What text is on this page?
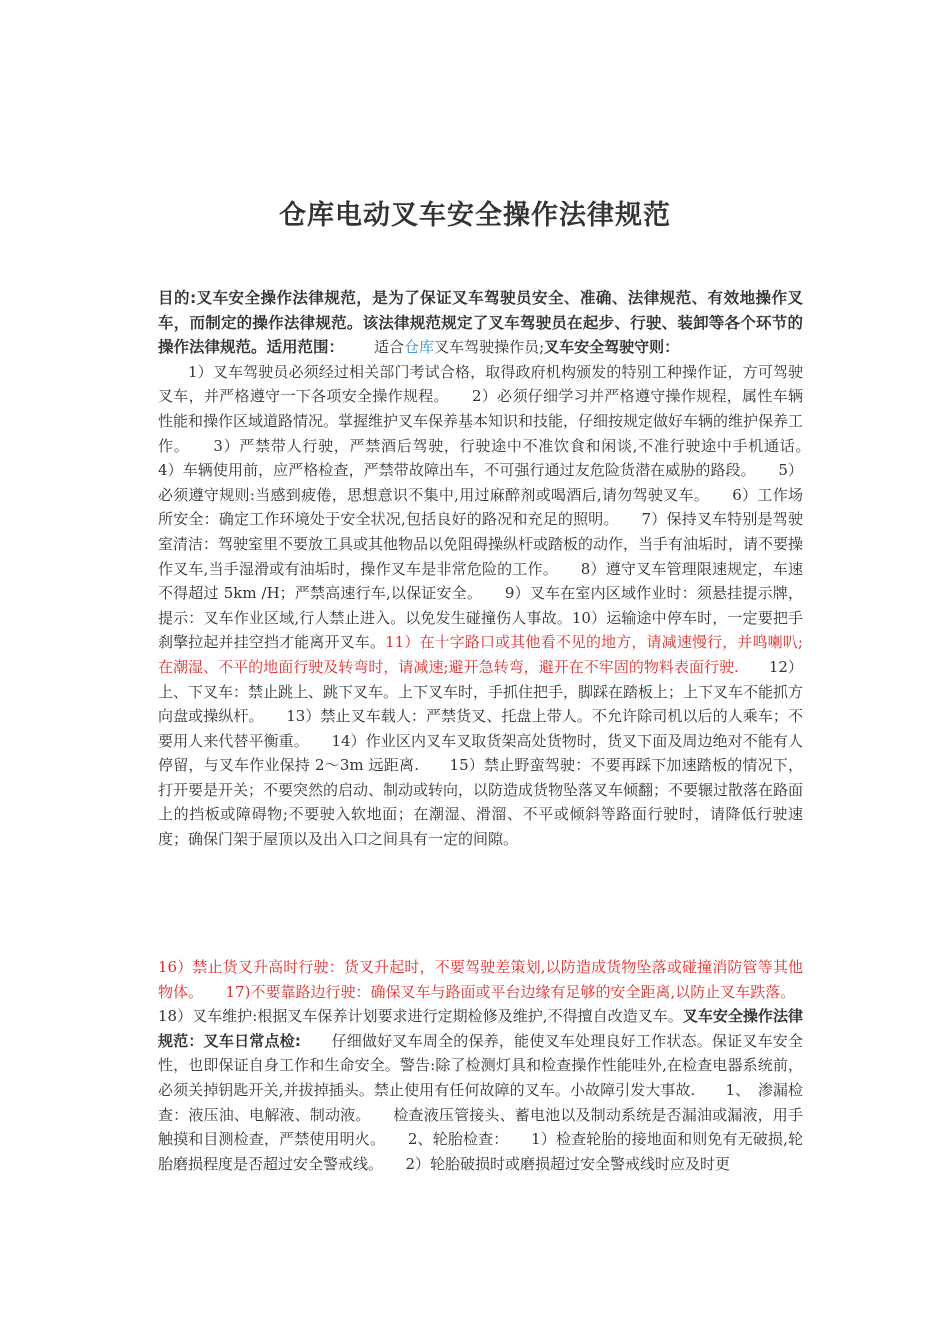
仓库电动叉车安全操作法律规范

目的:叉车安全操作法律规范，是为了保证叉车驾驶员安全、准确、法律规范、有效地操作叉车，而制定的操作法律规范。该法律规范规定了叉车驾驶员在起步、行驶、装卸等各个环节的操作法律规范。适用范围： 适合仓库叉车驾驶操作员;叉车安全驾驶守则：
1）叉车驾驶员必须经过相关部门考试合格，取得政府机构颁发的特别工种操作证，方可驾驶叉车，并严格遵守一下各项安全操作规程。　　2）必须仔细学习并严格遵守操作规程，属性车辆性能和操作区域道路情况。掌握维护叉车保养基本知识和技能，仔细按规定做好车辆的维护保养工作。　　3）严禁带人行驶，严禁酒后驾驶，行驶途中不准饮食和闲谈,不准行驶途中手机通话。　　4）车辆使用前，应严格检查，严禁带故障出车，不可强行通过友危险货潜在威胁的路段。　　5）必须遵守规则:当感到疲倦，思想意识不集中,用过麻醉剂或喝酒后,请勿驾驶叉车。　　6）工作场所安全：确定工作环境处于安全状况,包括良好的路况和充足的照明。　　7）保持叉车特别是驾驶室清洁：驾驶室里不要放工具或其他物品以免阻碍操纵杆或踏板的动作，当手有油垢时，请不要操作叉车,当手湿滑或有油垢时，操作叉车是非常危险的工作。　　8）遵守叉车管理限速规定，车速不得超过 5km /H；严禁高速行车,以保证安全。　　9）叉车在室内区域作业时：须悬挂提示牌，提示：叉车作业区域,行人禁止进入。以免发生碰撞伤人事故。10）运输途中停车时，一定要把手刹擎拉起并挂空挡才能离开叉车。11）在十字路口或其他看不见的地方，请减速慢行，并鸣喇叭;在潮湿、不平的地面行驶及转弯时，请减速;避开急转弯，避开在不牢固的物料表面行驶.　　12）上、下叉车：禁止跳上、跳下叉车。上下叉车时，手抓住把手，脚踩在踏板上；上下叉车不能抓方向盘或操纵杆。　　13）禁止叉车载人：严禁货叉、托盘上带人。不允许除司机以后的人乘车；不要用人来代替平衡重。　　14）作业区内叉车叉取货架高处货物时，货叉下面及周边绝对不能有人停留，与叉车作业保持 2～3m 远距离.　　15）禁止野蛮驾驶：不要再踩下加速踏板的情况下，打开要是开关；不要突然的启动、制动或转向，以防造成货物坠落叉车倾翻；不要辗过散落在路面上的挡板或障碍物;不要驶入软地面；在潮湿、滑溜、不平或倾斜等路面行驶时，请降低行驶速度；确保门架于屋顶以及出入口之间具有一定的间隙。

16）禁止货叉升高时行驶：货叉升起时，不要驾驶差策划,以防造成货物坠落或碰撞消防管等其他物体。　　17)不要靠路边行驶：确保叉车与路面或平台边缘有足够的安全距离,以防止叉车跌落。　　18）叉车维护:根据叉车保养计划要求进行定期检修及维护,不得擅自改造叉车。叉车安全操作法律规范：叉车日常点检:　　仔细做好叉车周全的保养，能使叉车处理良好工作状态。保证叉车安全性，也即保证自身工作和生命安全。警告:除了检测灯具和检查操作性能哇外,在检查电器系统前，必须关掉钥匙开关,并拔掉插头。禁止使用有任何故障的叉车。小故障引发大事故.　　1、　渗漏检查：液压油、电解液、制动液。　　检查液压管接头、蓄电池以及制动系统是否漏油或漏液，用手触摸和目测检查，严禁使用明火。　　2、轮胎检查：　　1）检查轮胎的接地面和则免有无破损,轮胎磨损程度是否超过安全警戒线。　　2）轮胎破损时或磨损超过安全警戒线时应及时更
